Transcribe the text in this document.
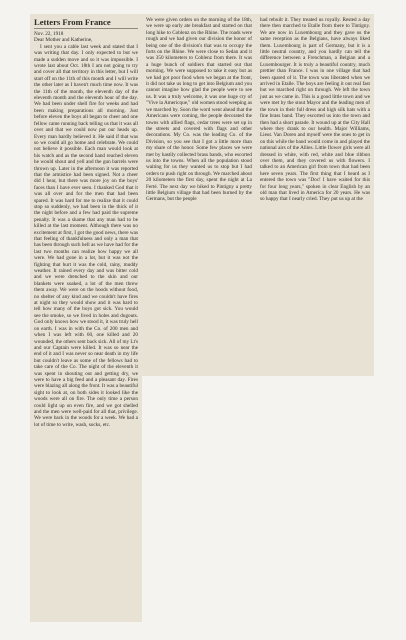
Letters From France

Nov. 22, 1918

Dear Mother and Katherine,

I sent you a cable last week and stated that I was writing that day. I only expected to but we made a sudden move and so it was impossible. I wrote last about Oct. 18th I am not going to try and cover all that territory in this letter, but I will start off on the 11th of this month and I will write the other later as I haven't much time now. It was the 11th of the month, the eleventh day of the eleventh month and the eleventh hour of the day. We had been under shell fire for weeks and had been making preparations all morning. Just before eleven the boys all began to cheer and one fellow came running back telling us that it was all over and that we could now put our heads up. Every man hardly believed it. He said if that was so we could all go home and celebrate. We could not believe it possible. Each man would look at his watch and as the second hand reached eleven he would shout and yell and the gun barrels were thrown up. Later in the afternoon it was reported that the armistice had been signed. Not a cheer did I hear, but there was more joy on the boys' faces than I have ever seen. I thanked God that it was all over and for the men that had been spared. It was hard for me to realize that it could stop so suddenly, we had been in the thick of it the night before and a few had paid the supreme penalty. It was a shame that any man had to be killed at the last moment. Although there was no excitement at first, I got the good news, there was that feeling of thankfulness and only a man that has been through such hell as we have had for the last two months can realize how happy we all were. We had gone in a lot, but it was not the fighting that hurt it was the cold, rainy, muddy weather. It rained every day and was bitter cold and we were drenched to the skin and our blankets were soaked, a lot of the men threw them away. We were on the hoods without food, no shelter of any kind and we couldn't have fires at night so they would show and it was hard to tell how many of the boys got sick. You would see the smoke, so we lived in holes and dugouts. God only knows how we stood it, it was truly hell on earth. I was in with the Co. of 200 men and when I was left with 60, one killed and 20 wounded, the others sent back sick. All of my Lt's and our Captain were killed. It was so near the end of it and I was never so near death in my life but couldn't leave as some of the fellows had to take care of the Co. The night of the eleventh it was spent in shouting out and getting dry, we were to have a big feed and a pleasant day. Fires were blazing all along the front. It was a beautiful sight to look at, on both sides it looked like the woods were all on fire. The only time a person could light up on even fire, and we got shelled and the men were well-paid for all that, privilege. We were back in the woods for a week. We had a lot of time to write, wash, socks, etc.

We were given orders on the morning of the 18th, we were up early ate breakfast and started on that long hike to Coblenz on the Rhine. The roads were rough and we had given our division the honor of being one of the division's that was to occupy the forts on the Rhine. We were close to Sedan and it was 350 kilometers to Coblenz from there. It was a huge bunch of soldiers that started out that morning. We were supposed to take it easy but as we had got poor food when we began at the front, it did not take us long to get into Belgium and you cannot imagine how glad the people were to see us. It was a truly welcome, it was one huge cry of "Vive la Americque," old women stood weeping as we marched by. Soon the word went ahead that the Americans were coming, the people decorated the towns with allied flags, cedar trees were set up in the streets and covered with flags and other decorations. My Co. was the leading Co. of the Division, so you see that I got a little more than my share of the honor. Some few places we were met by hastily collected brass bands, who escorted us into the towns. When all the population stood waiting for us they wanted us to stop but I had orders to push right on through. We marched about 20 kilometers the first day, spent the night at La Ferté. The next day we hiked to Pintigny a pretty little Belgium village that had been burned by the Germans, but the people

had rebuilt it. They treated us royally. Rested a day there then marched to Etalle from there to Tintigny. We are now in Luxembourg and they gave us the same reception as the Belgians, have always liked them. Luxembourg is part of Germany, but it is a little neutral country, and you hardly can tell the difference between a Frenchman, a Belgian and a Luxembourger. It is truly a beautiful country, much prettier than France. I was in one village that had been spared of it. The town was liberated when we arrived in Etalle. The boys are feeling it out real fast but we marched right on through. We left the town just as we came in. This is a good little town and we were met by the stout Mayor and the leading men of the town in their full dress and high silk hats with a fine brass band. They escorted us into the town and then had a short parade. It wound up at the City Hall where they drank to our health. Major Williams, Lieut. Van Doren and myself were the ones to get in on this while the band would come in and played the national airs of the Allies. Little flower girls were all dressed in white, with red, white and blue ribbon over them, and they covered us with flowers. I talked to an American girl from town that had been here seven years. The first thing that I heard as I entered the town was "Doc! I have waited for this for four long years," spoken in clear English by an old man that lived in America for 20 years. He was so happy that I nearly cried. They put us up at the
